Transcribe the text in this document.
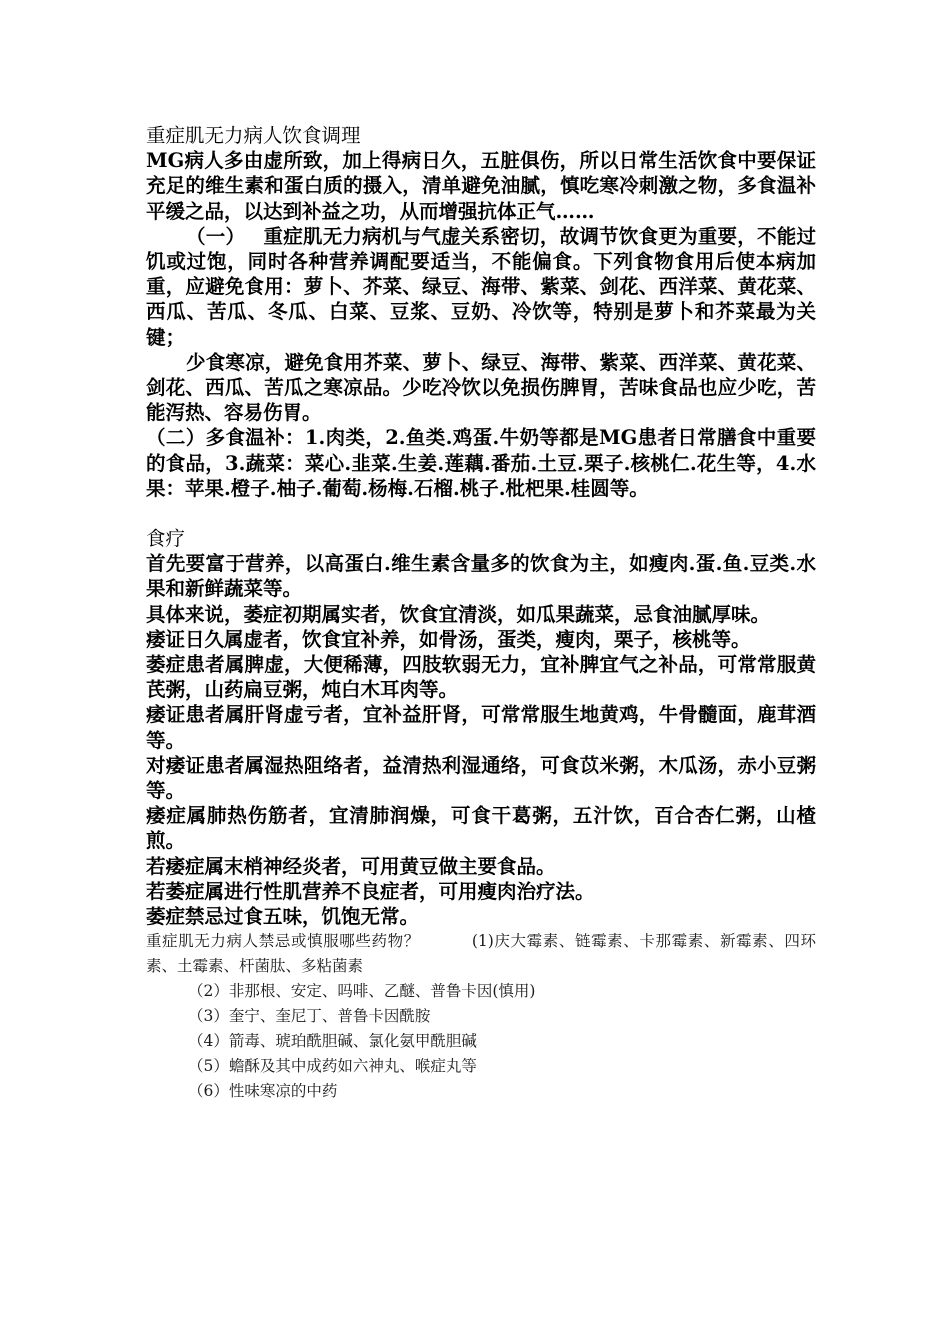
重症肌无力病人饮食调理

MG病人多由虚所致，加上得病日久，五脏俱伤，所以日常生活饮食中要保证充足的维生素和蛋白质的摄入，清单避免油腻，慎吃寒冷刺激之物，多食温补平缓之品，以达到补益之功，从而增强抗体正气……

（一） 重症肌无力病机与气虚关系密切，故调节饮食更为重要，不能过饥或过饱，同时各种营养调配要适当，不能偏食。下列食物食用后使本病加重，应避免食用：萝卜、芥菜、绿豆、海带、紫菜、剑花、西洋菜、黄花菜、西瓜、苦瓜、冬瓜、白菜、豆浆、豆奶、冷饮等，特别是萝卜和芥菜最为关键；

少食寒凉，避免食用芥菜、萝卜、绿豆、海带、紫菜、西洋菜、黄花菜、剑花、西瓜、苦瓜之寒凉品。少吃冷饮以免损伤脾胃，苦味食品也应少吃，苦能泻热、容易伤胃。

（二）多食温补：1.肉类，2.鱼类.鸡蛋.牛奶等都是MG患者日常膳食中重要的食品，3.蔬菜：菜心.韭菜.生姜.莲藕.番茄.土豆.栗子.核桃仁.花生等，4.水果：苹果.橙子.柚子.葡萄.杨梅.石榴.桃子.枇杷果.桂圆等。

食疗

首先要富于营养，以高蛋白.维生素含量多的饮食为主，如瘦肉.蛋.鱼.豆类.水果和新鲜蔬菜等。

具体来说，萎症初期属实者，饮食宜清淡，如瓜果蔬菜，忌食油腻厚味。

痿证日久属虚者，饮食宜补养，如骨汤，蛋类，瘦肉，栗子，核桃等。

萎症患者属脾虚，大便稀薄，四肢软弱无力，宜补脾宜气之补品，可常常服黄芪粥，山药扁豆粥，炖白木耳肉等。

痿证患者属肝肾虚亏者，宜补益肝肾，可常常服生地黄鸡，牛骨髓面，鹿茸酒等。

对痿证患者属湿热阻络者，益清热利湿通络，可食苡米粥，木瓜汤，赤小豆粥等。

痿症属肺热伤筋者，宜清肺润燥，可食干葛粥，五汁饮，百合杏仁粥，山楂煎。

若痿症属末梢神经炎者，可用黄豆做主要食品。

若萎症属进行性肌营养不良症者，可用瘦肉治疗法。

萎症禁忌过食五味，饥饱无常。

重症肌无力病人禁忌或慎服哪些药物？	(1)庆大霉素、链霉素、卡那霉素、新霉素、四环素、土霉素、杆菌肽、多粘菌素

（2）非那根、安定、吗啡、乙醚、普鲁卡因(慎用)

（3）奎宁、奎尼丁、普鲁卡因酰胺

（4）箭毒、琥珀酰胆碱、氯化氨甲酰胆碱

（5）蟾酥及其中成药如六神丸、喉症丸等

（6）性味寒凉的中药
